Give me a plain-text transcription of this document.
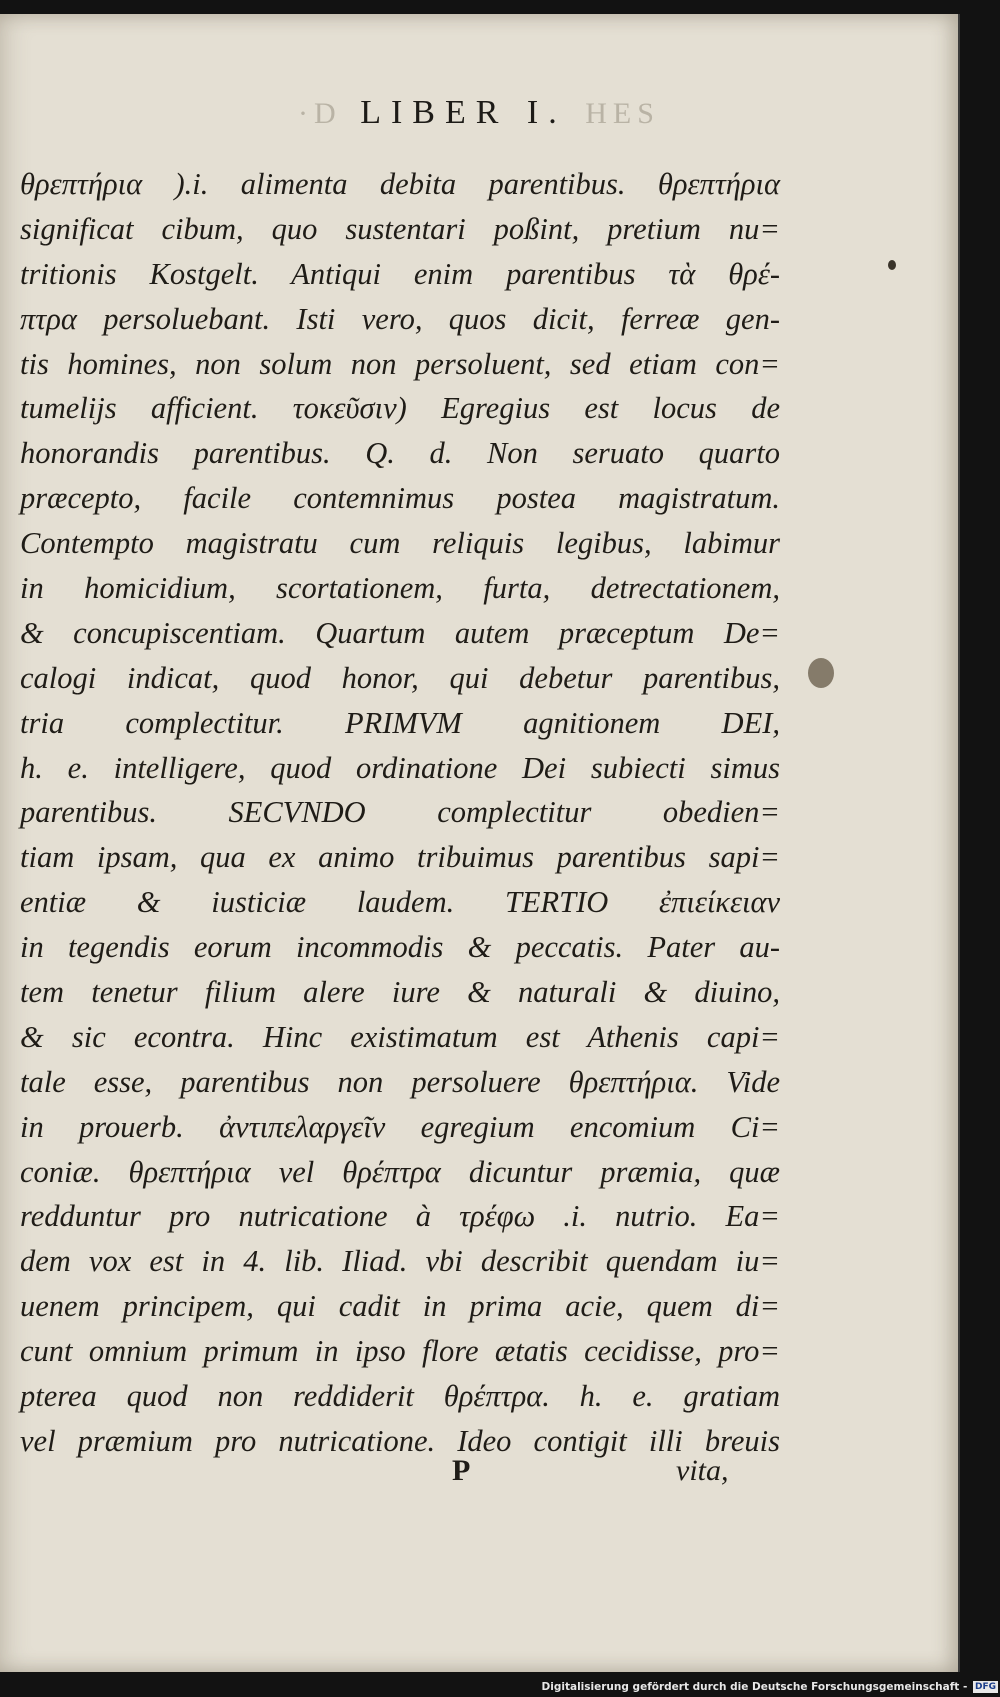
·D LIBER I. HES
θρεπτήρια ).i. alimenta debita parentibus. θρεπτήρια
significat cibum, quo sustentari poßint, pretium nu=
tritionis Kostgelt. Antiqui enim parentibus τὰ θρέ-
πτρα persoluebant. Isti vero, quos dicit, ferreæ gen-
tis homines, non solum non persoluent, sed etiam con=
tumelijs afficient. τοκεῦσιν) Egregius est locus de
honorandis parentibus. Q. d. Non seruato quarto
præcepto, facile contemnimus postea magistratum.
Contempto magistratu cum reliquis legibus, labimur
in homicidium, scortationem, furta, detrectationem,
& concupiscentiam. Quartum autem præceptum De=
calogi indicat, quod honor, qui debetur parentibus,
tria complectitur. PRIMVM agnitionem DEI,
h. e. intelligere, quod ordinatione Dei subiecti simus
parentibus. SECVNDO complectitur obedien=
tiam ipsam, qua ex animo tribuimus parentibus sapi=
entiæ & iusticiæ laudem. TERTIO ἐπιείκειαν
in tegendis eorum incommodis & peccatis. Pater au-
tem tenetur filium alere iure & naturali & diuino,
& sic econtra. Hinc existimatum est Athenis capi=
tale esse, parentibus non persoluere θρεπτήρια. Vide
in prouerb. ἀντιπελαργεῖν egregium encomium Ci=
coniæ. θρεπτήρια vel θρέπτρα dicuntur præmia, quæ
redduntur pro nutricatione à τρέφω .i. nutrio. Ea=
dem vox est in 4. lib. Iliad. vbi describit quendam iu=
uenem principem, qui cadit in prima acie, quem di=
cunt omnium primum in ipso flore ætatis cecidisse, pro=
pterea quod non reddiderit θρέπτρα. h. e. gratiam
vel præmium pro nutricatione. Ideo contigit illi breuis
P	vita,
Digitalisierung gefördert durch die Deutsche Forschungsgemeinschaft - DFG
